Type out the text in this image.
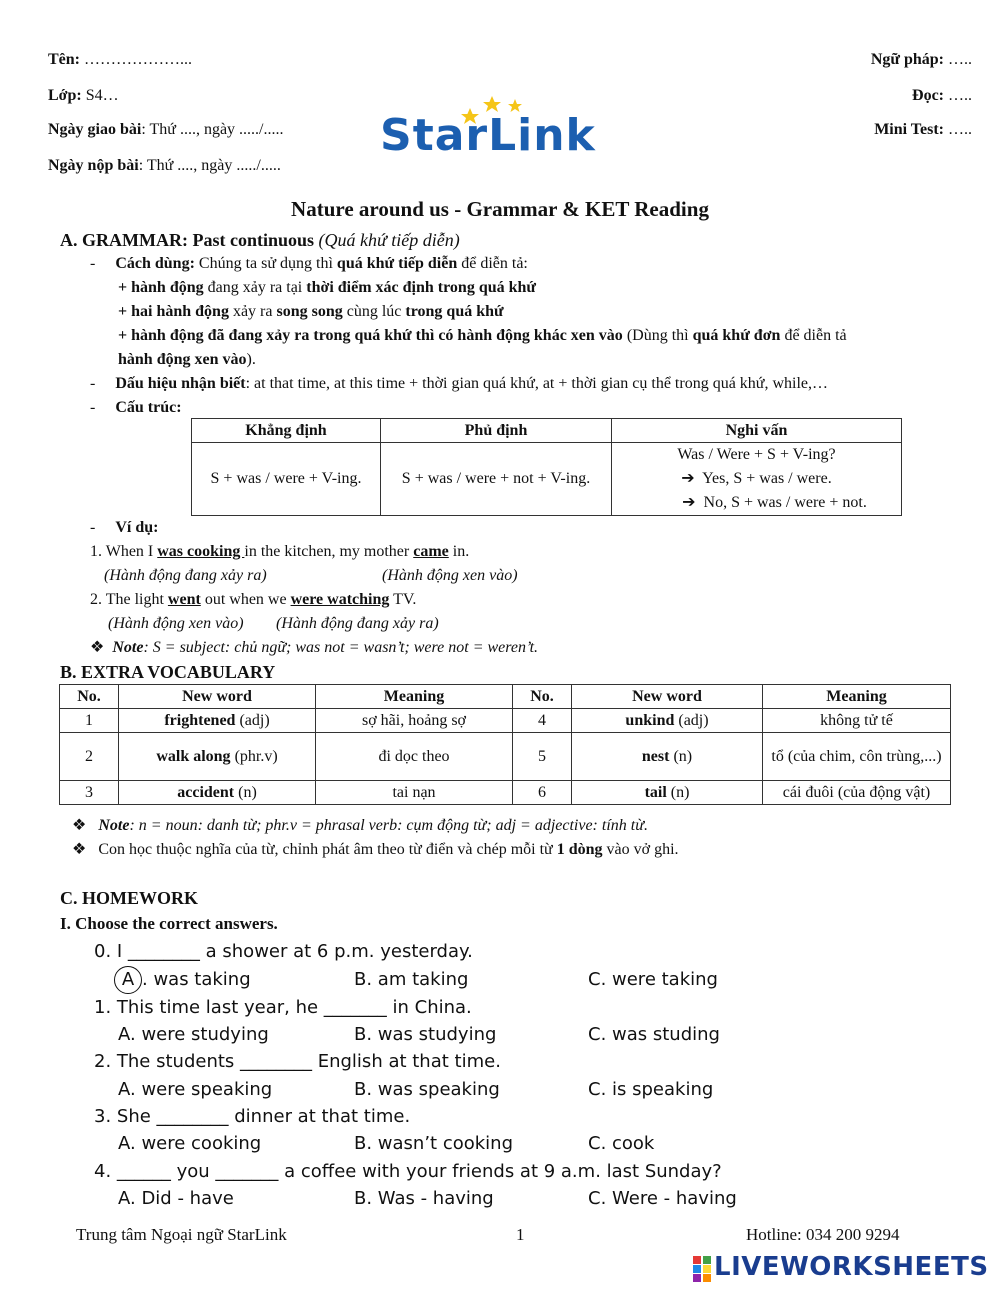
Tên: ………………...
Lớp: S4…
Ngày giao bài: Thứ ...., ngày ...../.....
Ngày nộp bài: Thứ ...., ngày ...../.....
Ngữ pháp: …..
Đọc: …..
Mini Test: …..
StarLink
Nature around us - Grammar & KET Reading
A. GRAMMAR: Past continuous (Quá khứ tiếp diễn)
-     Cách dùng: Chúng ta sử dụng thì quá khứ tiếp diễn để diễn tả:
+ hành động đang xảy ra tại thời điểm xác định trong quá khứ
+ hai hành động xảy ra song song cùng lúc trong quá khứ
+ hành động đã đang xảy ra trong quá khứ thì có hành động khác xen vào (Dùng thì quá khứ đơn để diễn tả
hành động xen vào).
-     Dấu hiệu nhận biết: at that time, at this time + thời gian quá khứ, at + thời gian cụ thể trong quá khứ, while,…
-     Cấu trúc:
Khẳng định	Phủ định	Nghi vấn
S + was / were + V-ing.	S + was / were + not + V-ing.	Was / Were + S + V-ing?
➔ Yes, S + was / were.
➔ No, S + was / were + not.
-     Ví dụ:
1. When I was cooking in the kitchen, my mother came in.
(Hành động đang xảy ra)	(Hành động xen vào)
2. The light went out when we were watching TV.
(Hành động xen vào) (Hành động đang xảy ra)
❖ Note: S = subject: chủ ngữ; was not = wasn’t; were not = weren’t.
B. EXTRA VOCABULARY
No.	New word	Meaning	No.	New word	Meaning
1	frightened (adj)	sợ hãi, hoảng sợ	4	unkind (adj)	không tử tế
2	walk along (phr.v)	đi dọc theo	5	nest (n)	tổ (của chim, côn trùng,...)
3	accident (n)	tai nạn	6	tail (n)	cái đuôi (của động vật)
❖ Note: n = noun: danh từ; phr.v = phrasal verb: cụm động từ; adj = adjective: tính từ.
❖ Con học thuộc nghĩa của từ, chỉnh phát âm theo từ điển và chép mỗi từ 1 dòng vào vở ghi.
C. HOMEWORK
I. Choose the correct answers.
0. I ________ a shower at 6 p.m. yesterday.
A . was taking	B. am taking	C. were taking
1. This time last year, he _______ in China.
A. were studying	B. was studying	C. was studing
2. The students ________ English at that time.
A. were speaking	B. was speaking	C. is speaking
3. She ________ dinner at that time.
A. were cooking	B. wasn’t cooking	C. cook
4. ______ you _______ a coffee with your friends at 9 a.m. last Sunday?
A. Did - have	B. Was - having	C. Were - having
Trung tâm Ngoại ngữ StarLink	1	Hotline: 034 200 9294
LIVEWORKSHEETS
